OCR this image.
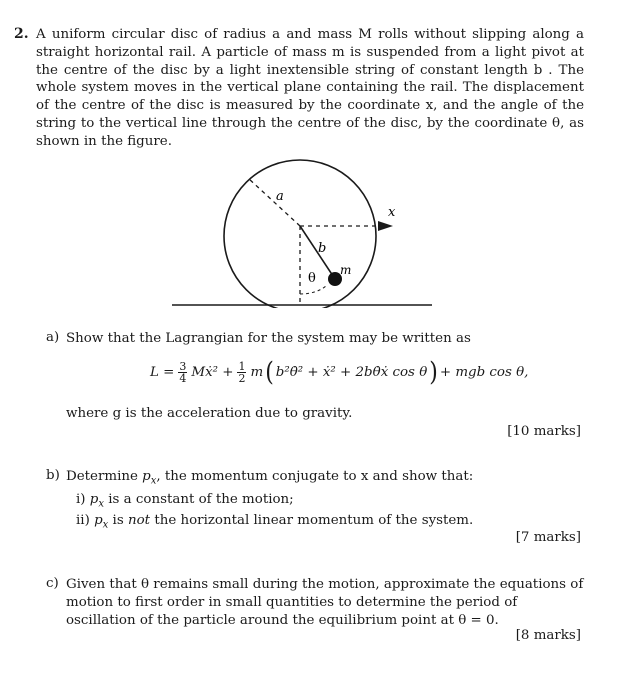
2. A uniform circular disc of radius a and mass M rolls without slipping along a straight horizontal rail. A particle of mass m is suspended from a light pivot at the centre of the disc by a light inextensible string of constant length b . The whole system moves in the vertical plane containing the rail. The displacement of the centre of the disc is measured by the coordinate x, and the angle of the string to the vertical line through the centre of the disc, by the coordinate θ, as shown in the figure.
a
x
b
θ
m
a) Show that the Lagrangian for the system may be written as
$L = \frac{3}{4}$ Mẋ² + $\frac{1}{2}$ m ( b²θ̇² + ẋ² + 2bθ̇ẋ cos θ ) + mgb cos θ,
where g is the acceleration due to gravity.
[10 marks]
b) Determine $p_x$, the momentum conjugate to x and show that:
i) $p_x$ is a constant of the motion;
ii) $p_x$ is not the horizontal linear momentum of the system.
[7 marks]
c) Given that θ remains small during the motion, approximate the equations of motion to first order in small quantities to determine the period of oscillation of the particle around the equilibrium point at θ = 0.
[8 marks]
